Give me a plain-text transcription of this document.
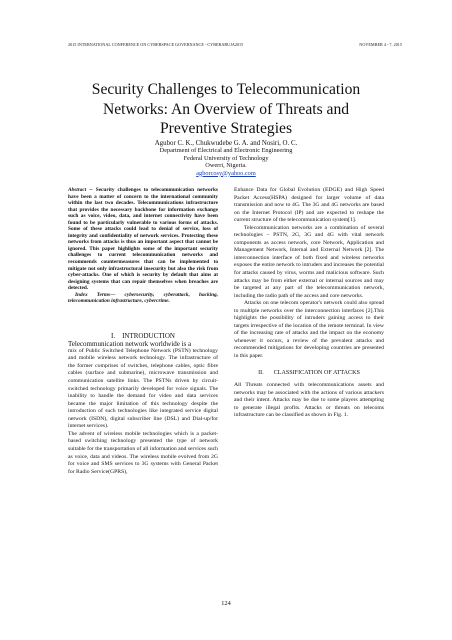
2015 INTERNATIONAL CONFERENCE ON CYBERSPACE GOVERNANCE - CYBERABUJA2015	NOVEMBER 4 - 7, 2015
Security Challenges to Telecommunication
Networks: An Overview of Threats and
Preventive Strategies
Agubor C. K., Chukwudebe G. A. and Nosiri, O. C.
Department of Electrical and Electronic Engineering
Federal University of Technology
Owerri, Nigeria.
agborcosy@yahoo.com

Abstract -- Security challenges to telecommunication networks have been a matter of concern to the international community within the last two decades. Telecommunications infrastructure that provides the necessary backbone for information exchange such as voice, video, data, and internet connectivity have been found to be particularly vulnerable to various forms of attacks. Some of these attacks could lead to denial of service, loss of integrity and confidentiality of network services. Protecting these networks from attacks is thus an important aspect that cannot be ignored. This paper highlights some of the important security challenges to current telecommunication networks and recommends countermeasures that can be implemented to mitigate not only infrastructural insecurity but also the risk from cyber-attacks. One of which is security by default that aims at designing systems that can repair themselves when breaches are detected.

Index Terms— cybersecurity, cyberattack, hacking, telecommunication infrastructure, cybercrime.

I. INTRODUCTION

Telecommunication network worldwide is a

mix of Public Switched Telephone Network (PSTN) technology and mobile wireless network technology. The infrastructure of the former comprises of switches, telephone cables, optic fibre cables (surface and submarine), microwave transmission and communication satellite links. The PSTNs driven by circuit-switched technology primarily developed for voice signals. The inability to handle the demand for video and data services became the major limitation of this technology despite the introduction of such technologies like integrated service digital network (ISDN), digital subscriber line (DSL) and Dial-up/for internet services).

The advent of wireless mobile technologies which is a packet-based switching technology presented the type of network suitable for the transportation of all information and services such as voice, data and videos. The wireless mobile evolved from 2G for voice and SMS services to 3G systems with General Packet for Radio Service(GPRS),

Enhance Data for Global Evolution (EDGE) and High Speed Packet Access(HSPA) designed for larger volume of data transmission and now to 4G. The 3G and 4G networks are based on the Internet Protocol (IP) and are expected to reshape the current structure of the telecommunication system[1].

Telecommunication networks are a combination of several technologies – PSTN, 2G, 3G and 4G with vital network components as access network, core Network, Application and Management Network, Internal and External Network [2]. The interconnection interface of both fixed and wireless networks exposes the entire network to intruders and increases the potential for attacks caused by virus, worms and malicious software. Such attacks may be from either external or internal sources and may be targeted at any part of the telecommunication network, including the radio path of the access and core networks.

Attacks on one telecom operator's network could also spread to multiple networks over the interconnection interfaces [2].This highlights the possibility of intruders gaining access to their targets irrespective of the location of the remote terminal. In view of the increasing rate of attacks and the impact on the economy whenever it occurs, a review of the prevalent attacks and recommended mitigations for developing countries are presented in this paper.

II. CLASSIFICATION OF ATTACKS

All Threats connected with telecommunications assets and networks may be associated with the actions of various attackers and their intent. Attacks may be due to some players attempting to generate illegal profits. Attacks or threats on telecoms infrastructure can be classified as shown in Fig. 1.

124
